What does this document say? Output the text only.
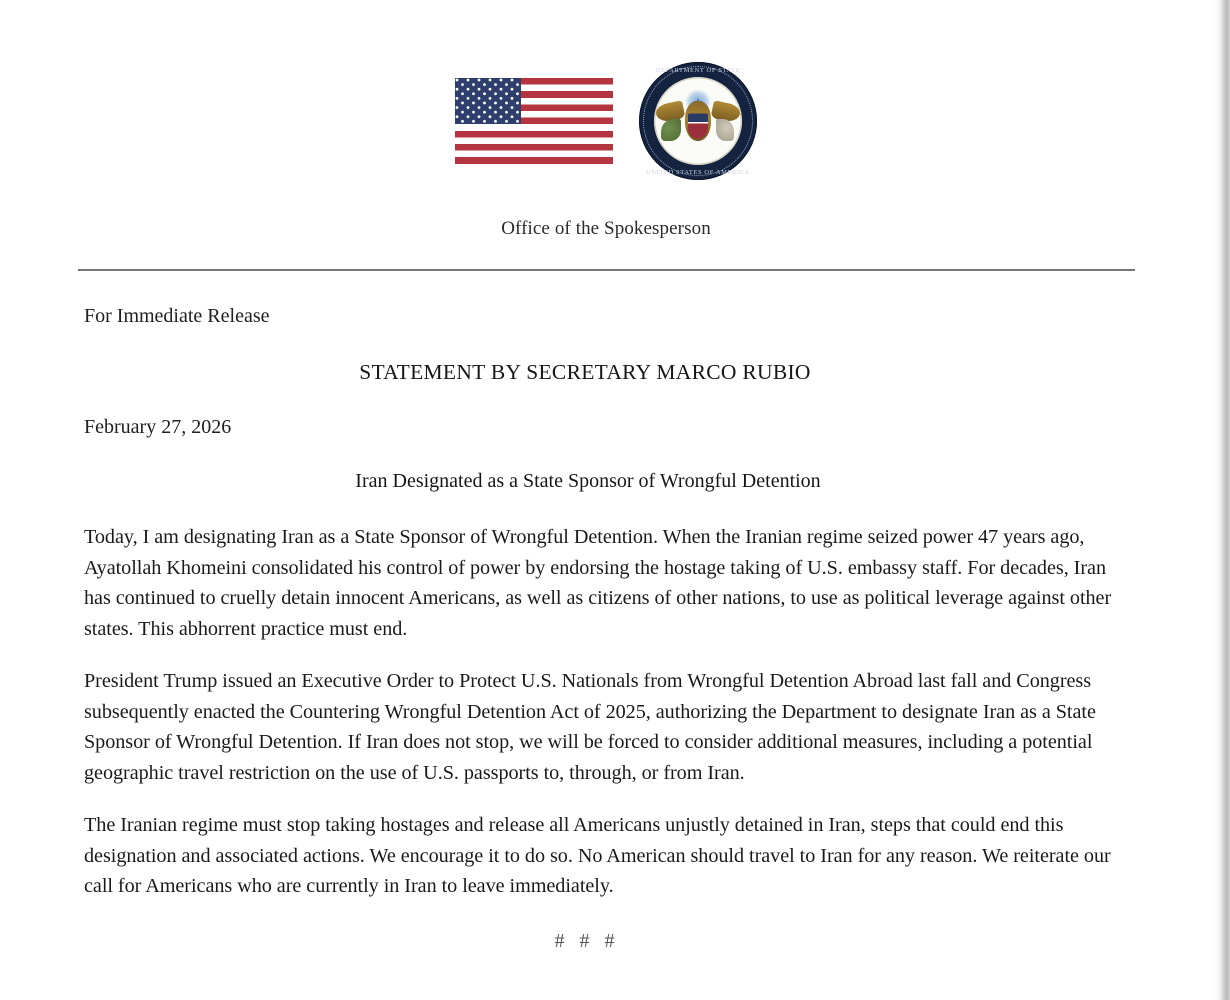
DEPARTMENT OF STATE
UNITED STATES OF AMERICA
Office of the Spokesperson
For Immediate Release
STATEMENT BY SECRETARY MARCO RUBIO
February 27, 2026
Iran Designated as a State Sponsor of Wrongful Detention

Today, I am designating Iran as a State Sponsor of Wrongful Detention. When the Iranian regime seized power 47 years ago, Ayatollah Khomeini consolidated his control of power by endorsing the hostage taking of U.S. embassy staff. For decades, Iran has continued to cruelly detain innocent Americans, as well as citizens of other nations, to use as political leverage against other states. This abhorrent practice must end.

President Trump issued an Executive Order to Protect U.S. Nationals from Wrongful Detention Abroad last fall and Congress subsequently enacted the Countering Wrongful Detention Act of 2025, authorizing the Department to designate Iran as a State Sponsor of Wrongful Detention. If Iran does not stop, we will be forced to consider additional measures, including a potential geographic travel restriction on the use of U.S. passports to, through, or from Iran.

The Iranian regime must stop taking hostages and release all Americans unjustly detained in Iran, steps that could end this designation and associated actions. We encourage it to do so. No American should travel to Iran for any reason. We reiterate our call for Americans who are currently in Iran to leave immediately.

# # #
